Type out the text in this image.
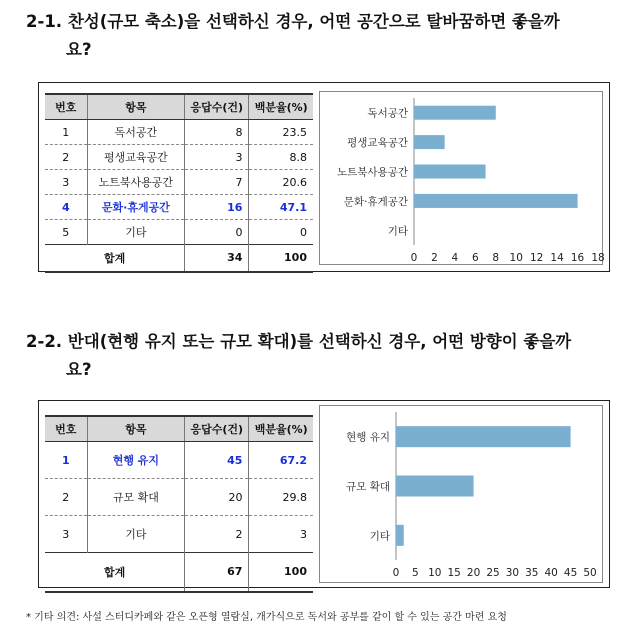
2-1. 찬성(규모 축소)을 선택하신 경우, 어떤 공간으로 탈바꿈하면 좋을까
요?
번호	항목	응답수(건)	백분율(%)
1	독서공간	8	23.5
2	평생교육공간	3	8.8
3	노트북사용공간	7	20.6
4	문화·휴게공간	16	47.1
5	기타	0	0
합계		34	100
독서공간
평생교육공간
노트북사용공간
문화·휴게공간
기타
0 2 4 6 8 10 12 14 16 18
2-2. 반대(현행 유지 또는 규모 확대)를 선택하신 경우, 어떤 방향이 좋을까
요?
번호	항목	응답수(건)	백분율(%)
1	현행 유지	45	67.2
2	규모 확대	20	29.8
3	기타	2	3
합계		67	100
현행 유지
규모 확대
기타
0 5 10 15 20 25 30 35 40 45 50
* 기타 의견: 사설 스터디카페와 같은 오픈형 열람실, 개가식으로 독서와 공부를 같이 할 수 있는 공간 마련 요청
